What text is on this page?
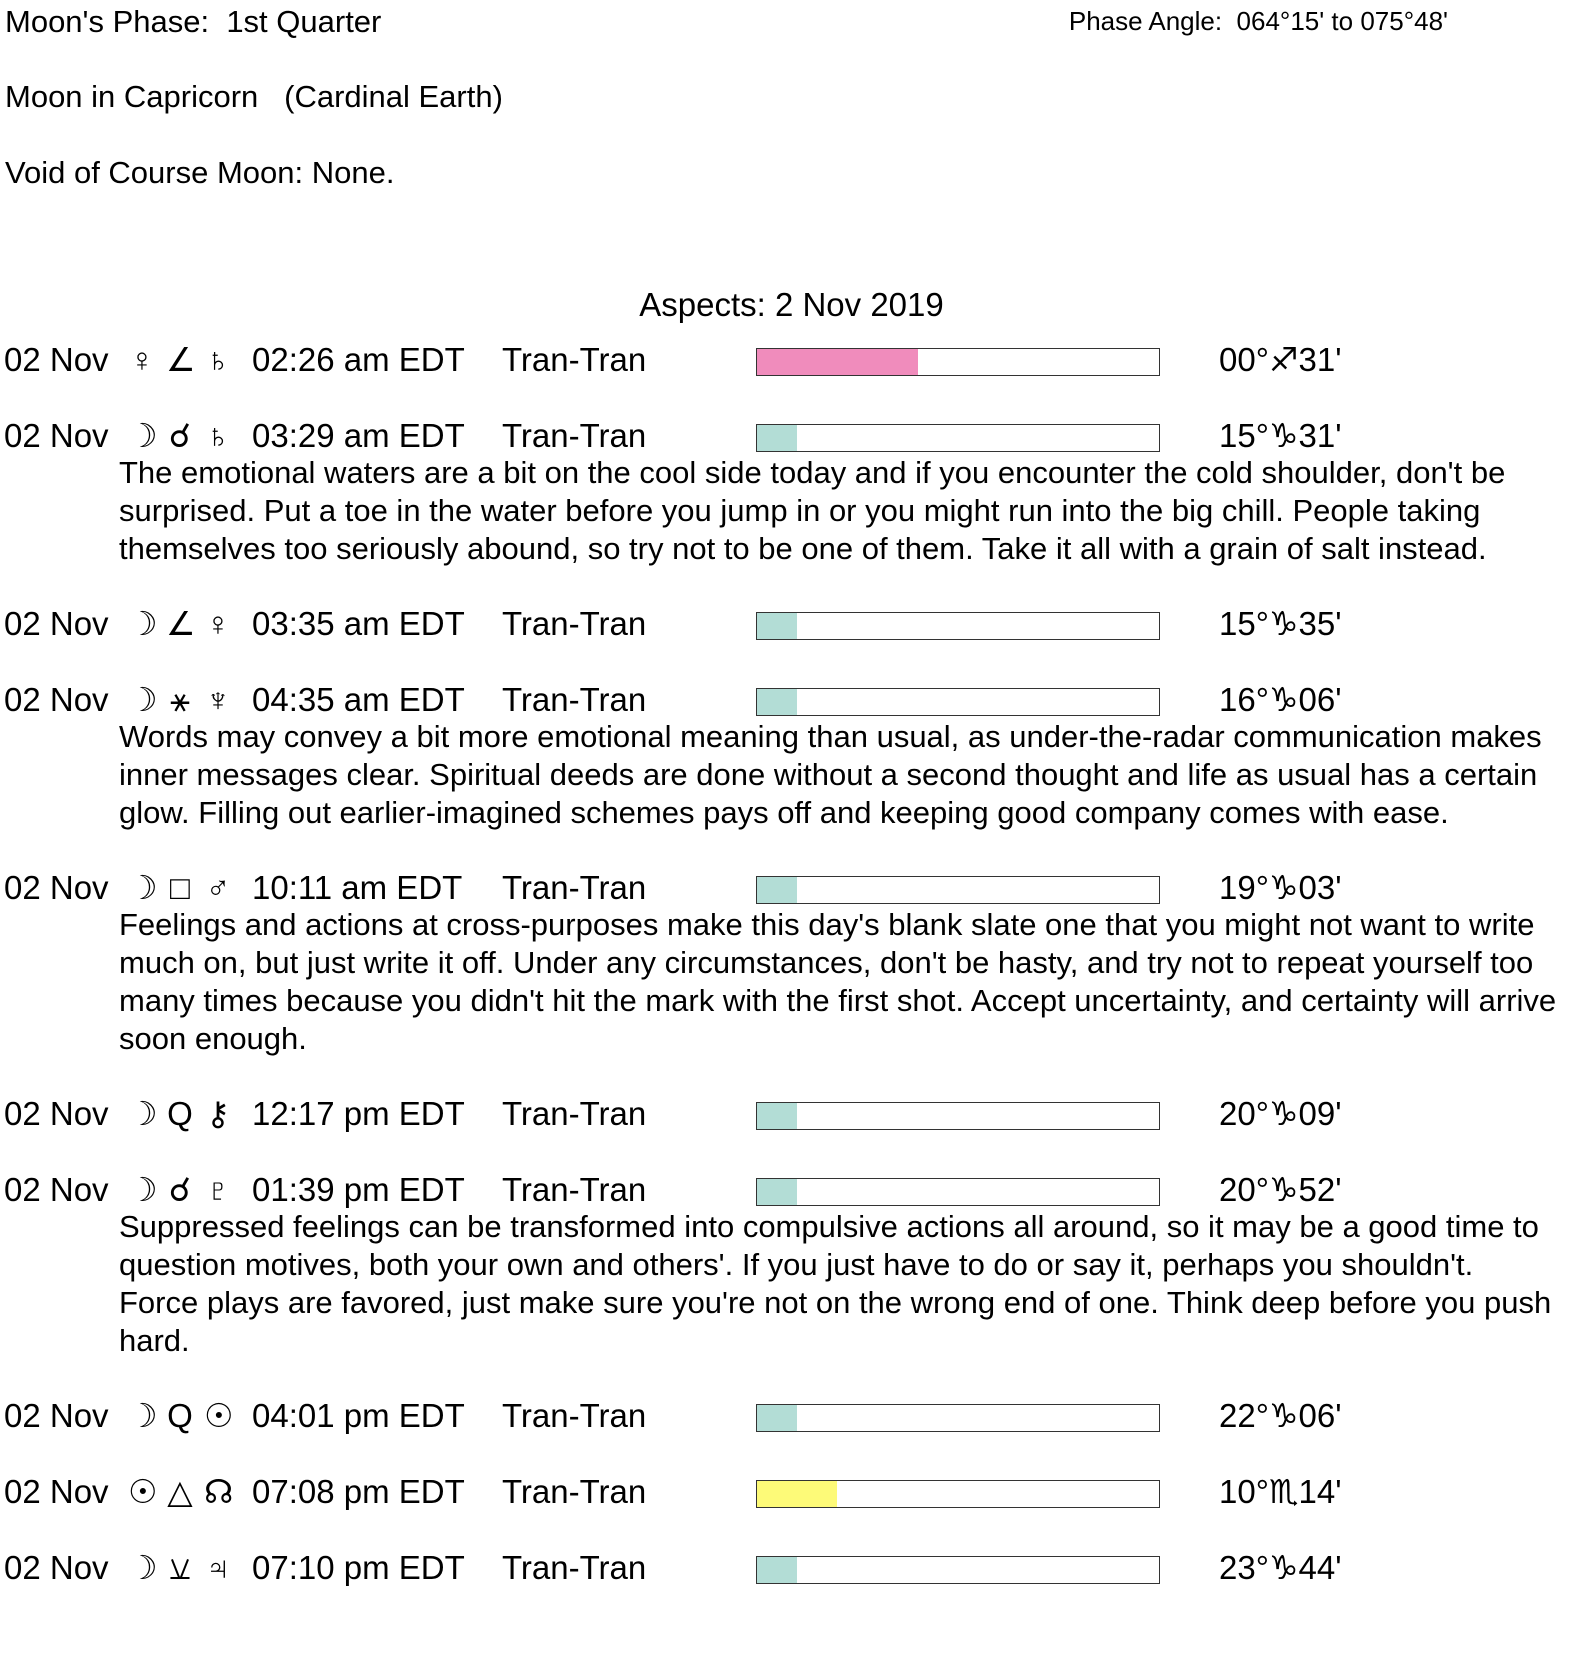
Moon's Phase:  1st Quarter	Phase Angle:  064°15' to 075°48'
Moon in Capricorn   (Cardinal Earth)
Void of Course Moon: None.
Aspects: 2 Nov 2019
02 Nov ♀ ∠ ♄ 02:26 am EDT Tran-Tran	00°♐31'
02 Nov ☽ ☌ ♄ 03:29 am EDT Tran-Tran	15°♑31'
The emotional waters are a bit on the cool side today and if you encounter the cold shoulder, don't be surprised. Put a toe in the water before you jump in or you might run into the big chill. People taking themselves too seriously abound, so try not to be one of them. Take it all with a grain of salt instead.
02 Nov ☽ ∠ ♀ 03:35 am EDT Tran-Tran	15°♑35'
02 Nov ☽ ⚹ ♆ 04:35 am EDT Tran-Tran	16°♑06'
Words may convey a bit more emotional meaning than usual, as under-the-radar communication makes inner messages clear. Spiritual deeds are done without a second thought and life as usual has a certain glow. Filling out earlier-imagined schemes pays off and keeping good company comes with ease.
02 Nov ☽ □ ♂ 10:11 am EDT Tran-Tran	19°♑03'
Feelings and actions at cross-purposes make this day's blank slate one that you might not want to write much on, but just write it off. Under any circumstances, don't be hasty, and try not to repeat yourself too many times because you didn't hit the mark with the first shot. Accept uncertainty, and certainty will arrive soon enough.
02 Nov ☽ Q ⚷ 12:17 pm EDT Tran-Tran	20°♑09'
02 Nov ☽ ☌ ♇ 01:39 pm EDT Tran-Tran	20°♑52'
Suppressed feelings can be transformed into compulsive actions all around, so it may be a good time to question motives, both your own and others'. If you just have to do or say it, perhaps you shouldn't. Force plays are favored, just make sure you're not on the wrong end of one. Think deep before you push hard.
02 Nov ☽ Q ☉ 04:01 pm EDT Tran-Tran	22°♑06'
02 Nov ☉ △ ☊ 07:08 pm EDT Tran-Tran	10°♏14'
02 Nov ☽ ⚺ ♃ 07:10 pm EDT Tran-Tran	23°♑44'
